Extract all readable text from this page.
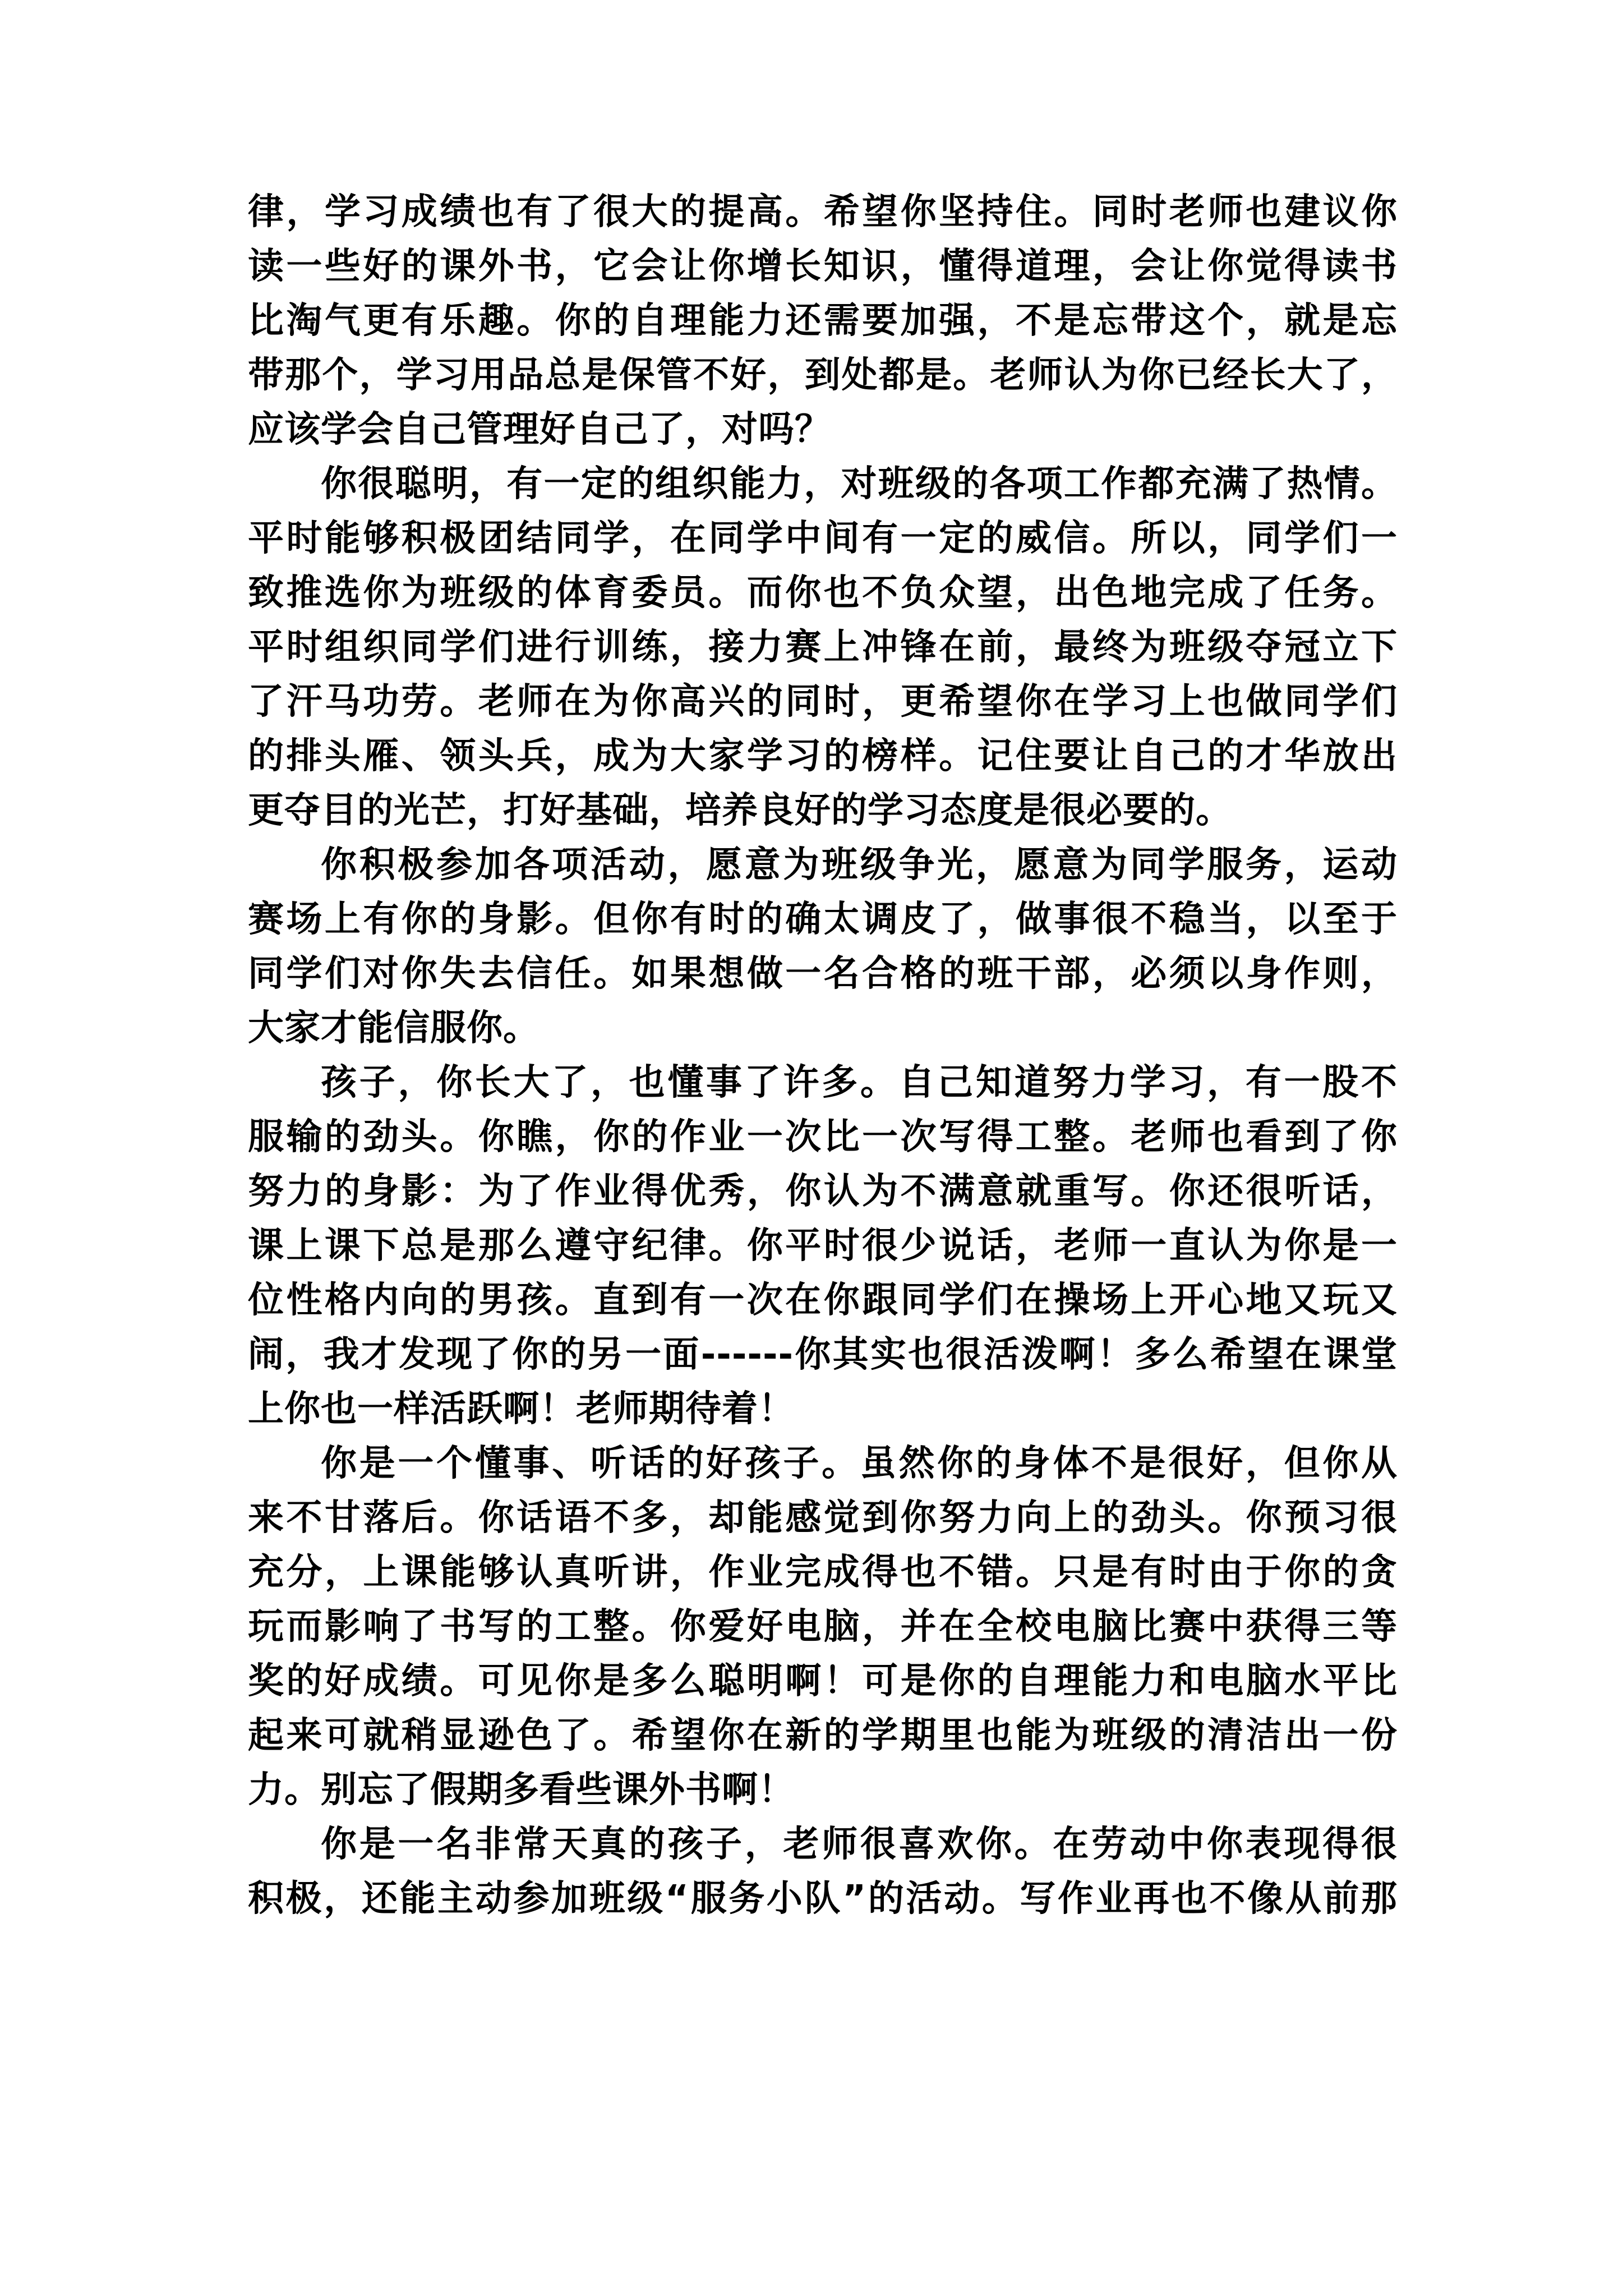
律，学习成绩也有了很大的提高。希望你坚持住。同时老师也建议你
读一些好的课外书，它会让你增长知识，懂得道理，会让你觉得读书
比淘气更有乐趣。你的自理能力还需要加强，不是忘带这个，就是忘
带那个，学习用品总是保管不好，到处都是。老师认为你已经长大了，
应该学会自己管理好自己了，对吗？
你很聪明，有一定的组织能力，对班级的各项工作都充满了热情。
平时能够积极团结同学，在同学中间有一定的威信。所以，同学们一
致推选你为班级的体育委员。而你也不负众望，出色地完成了任务。
平时组织同学们进行训练，接力赛上冲锋在前，最终为班级夺冠立下
了汗马功劳。老师在为你高兴的同时，更希望你在学习上也做同学们
的排头雁、领头兵，成为大家学习的榜样。记住要让自己的才华放出
更夺目的光芒，打好基础，培养良好的学习态度是很必要的。
你积极参加各项活动，愿意为班级争光，愿意为同学服务，运动
赛场上有你的身影。但你有时的确太调皮了，做事很不稳当，以至于
同学们对你失去信任。如果想做一名合格的班干部，必须以身作则，
大家才能信服你。
孩子，你长大了，也懂事了许多。自己知道努力学习，有一股不
服输的劲头。你瞧，你的作业一次比一次写得工整。老师也看到了你
努力的身影：为了作业得优秀，你认为不满意就重写。你还很听话，
课上课下总是那么遵守纪律。你平时很少说话，老师一直认为你是一
位性格内向的男孩。直到有一次在你跟同学们在操场上开心地又玩又
闹，我才发现了你的另一面------你其实也很活泼啊！多么希望在课堂
上你也一样活跃啊！老师期待着！
你是一个懂事、听话的好孩子。虽然你的身体不是很好，但你从
来不甘落后。你话语不多，却能感觉到你努力向上的劲头。你预习很
充分，上课能够认真听讲，作业完成得也不错。只是有时由于你的贪
玩而影响了书写的工整。你爱好电脑，并在全校电脑比赛中获得三等
奖的好成绩。可见你是多么聪明啊！可是你的自理能力和电脑水平比
起来可就稍显逊色了。希望你在新的学期里也能为班级的清洁出一份
力。别忘了假期多看些课外书啊！
你是一名非常天真的孩子，老师很喜欢你。在劳动中你表现得很
积极，还能主动参加班级“服务小队”的活动。写作业再也不像从前那
